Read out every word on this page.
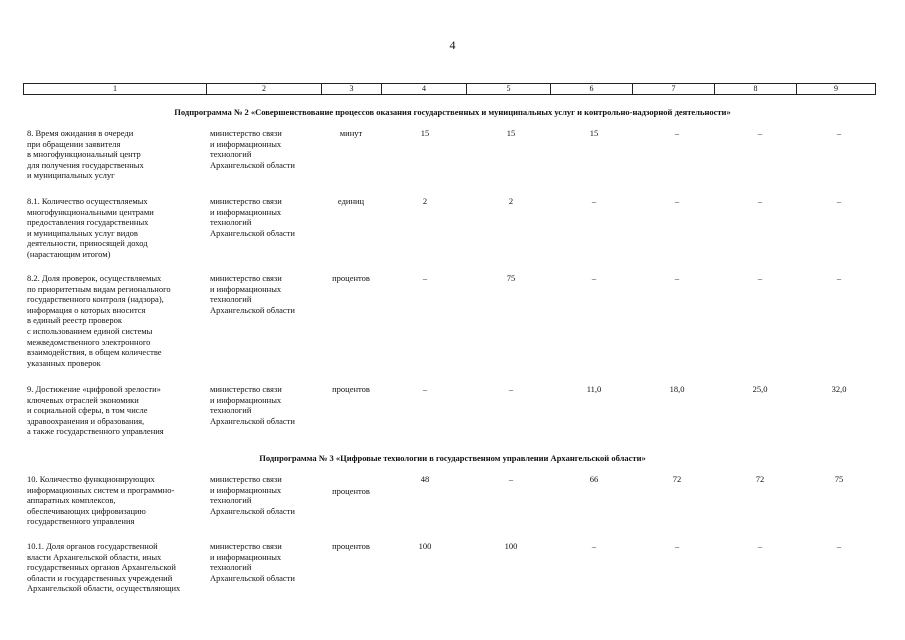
4
1	2	3	4	5	6	7	8	9
Подпрограмма № 2 «Совершенствование процессов оказания государственных и муниципальных услуг и контрольно-надзорной деятельности»
8. Время ожидания в очереди
при обращении заявителя
в многофункциональный центр
для получения государственных
и муниципальных услуг
министерство связи
и информационных
технологий
Архангельской области
минут	15	15	15	–	–	–
8.1. Количество осуществляемых
многофункциональными центрами
предоставления государственных
и муниципальных услуг видов
деятельности, приносящей доход
(нарастающим итогом)
министерство связи
и информационных
технологий
Архангельской области
единиц	2	2	–	–	–	–
8.2. Доля проверок, осуществляемых
по приоритетным видам регионального
государственного контроля (надзора),
информация о которых вносится
в единый реестр проверок
с использованием единой системы
межведомственного электронного
взаимодействия, в общем количестве
указанных проверок
министерство связи
и информационных
технологий
Архангельской области
процентов	–	75	–	–	–	–
9. Достижение «цифровой зрелости»
ключевых отраслей экономики
и социальной сферы, в том числе
здравоохранения и образования,
а также государственного управления
министерство связи
и информационных
технологий
Архангельской области
процентов	–	–	11,0	18,0	25,0	32,0
Подпрограмма № 3 «Цифровые технологии в государственном управлении Архангельской области»
10. Количество функционирующих
информационных систем и программно-
аппаратных комплексов,
обеспечивающих цифровизацию
государственного управления
министерство связи
и информационных
технологий
Архангельской области
процентов
48	–	66	72	72	75
10.1. Доля органов государственной
власти Архангельской области, иных
государственных органов Архангельской
области и государственных учреждений
Архангельской области, осуществляющих
министерство связи
и информационных
технологий
Архангельской области
процентов	100	100	–	–	–	–
